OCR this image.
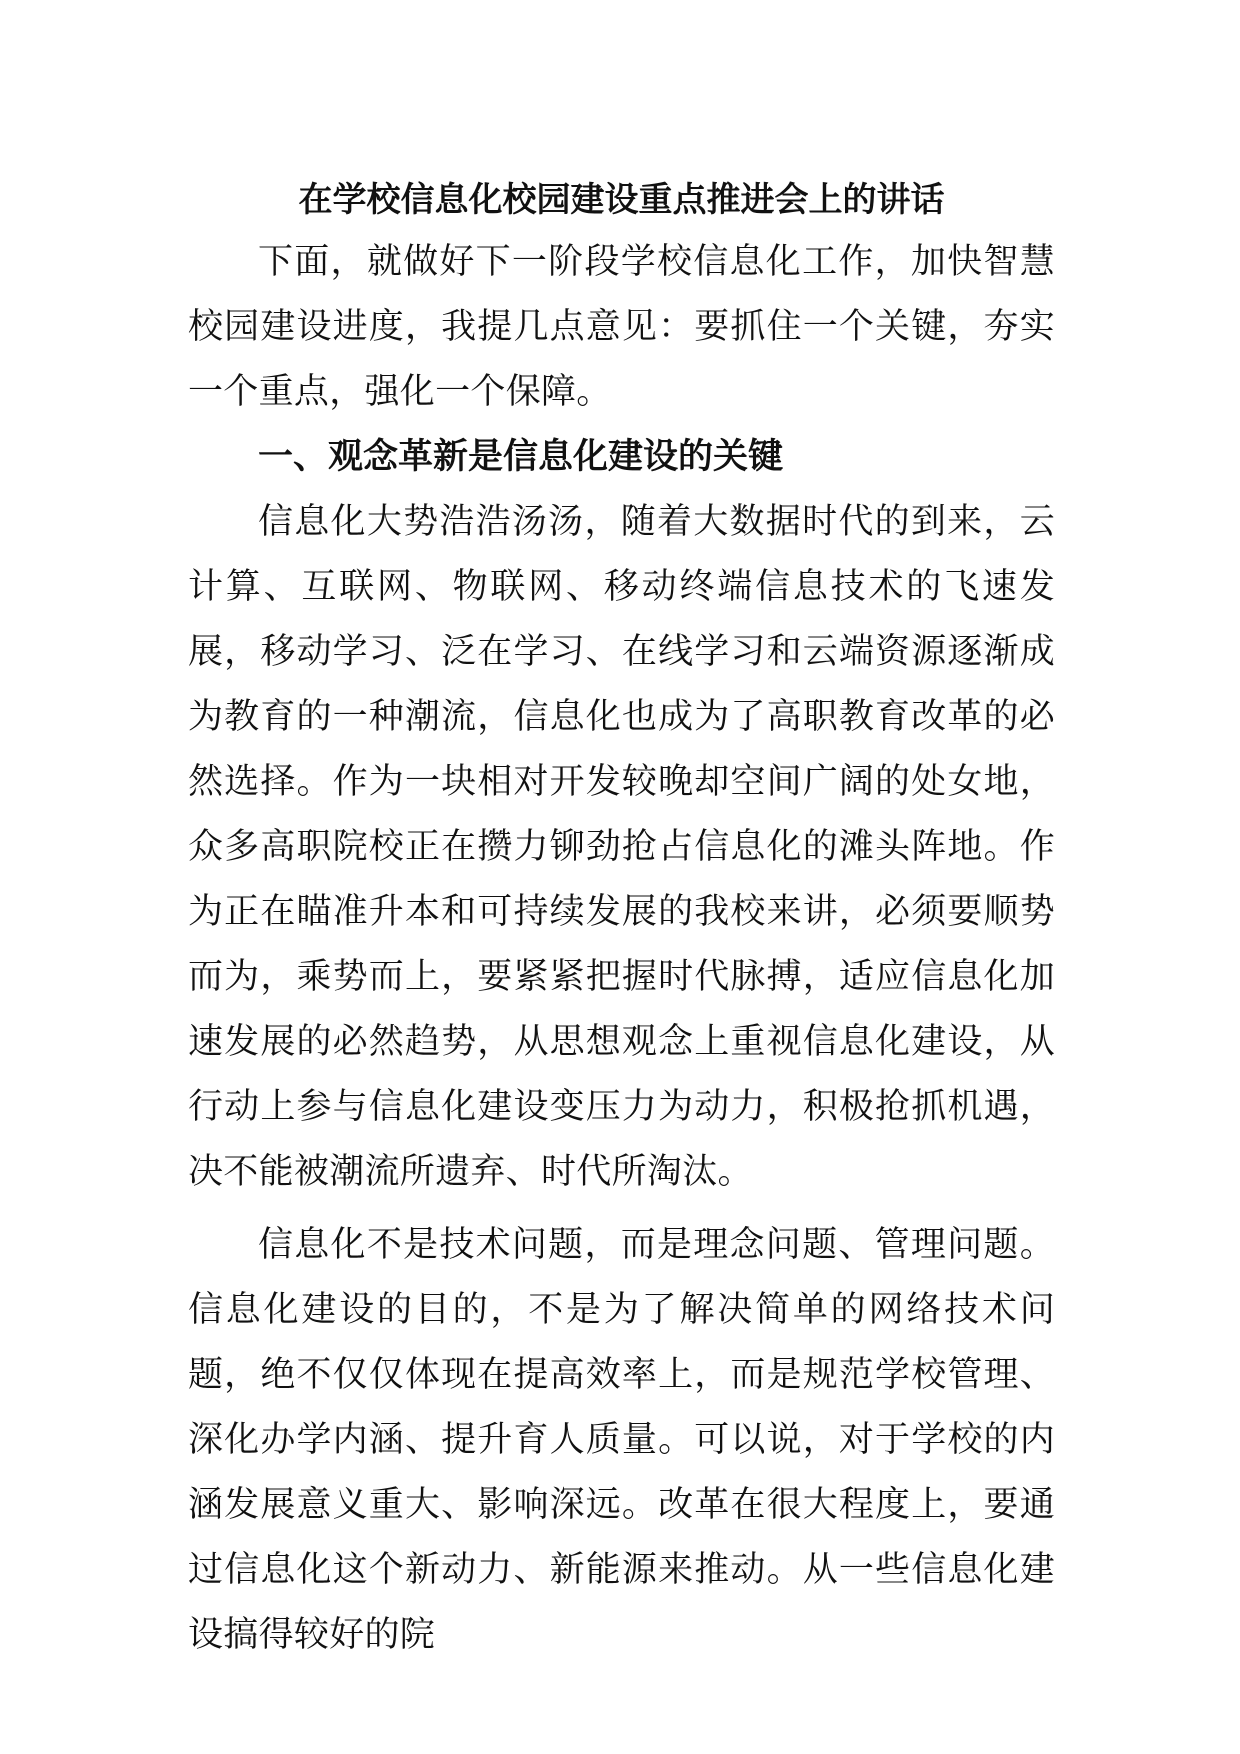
在学校信息化校园建设重点推进会上的讲话

下面，就做好下一阶段学校信息化工作，加快智慧校园建设进度，我提几点意见：要抓住一个关键，夯实一个重点，强化一个保障。

一、观念革新是信息化建设的关键

信息化大势浩浩汤汤，随着大数据时代的到来，云计算、互联网、物联网、移动终端信息技术的飞速发展，移动学习、泛在学习、在线学习和云端资源逐渐成为教育的一种潮流，信息化也成为了高职教育改革的必然选择。作为一块相对开发较晚却空间广阔的处女地，众多高职院校正在攒力铆劲抢占信息化的滩头阵地。作为正在瞄准升本和可持续发展的我校来讲，必须要顺势而为，乘势而上，要紧紧把握时代脉搏，适应信息化加速发展的必然趋势，从思想观念上重视信息化建设，从行动上参与信息化建设变压力为动力，积极抢抓机遇，决不能被潮流所遗弃、时代所淘汰。

信息化不是技术问题，而是理念问题、管理问题。信息化建设的目的，不是为了解决简单的网络技术问题，绝不仅仅体现在提高效率上，而是规范学校管理、深化办学内涵、提升育人质量。可以说，对于学校的内涵发展意义重大、影响深远。改革在很大程度上，要通过信息化这个新动力、新能源来推动。从一些信息化建设搞得较好的院
